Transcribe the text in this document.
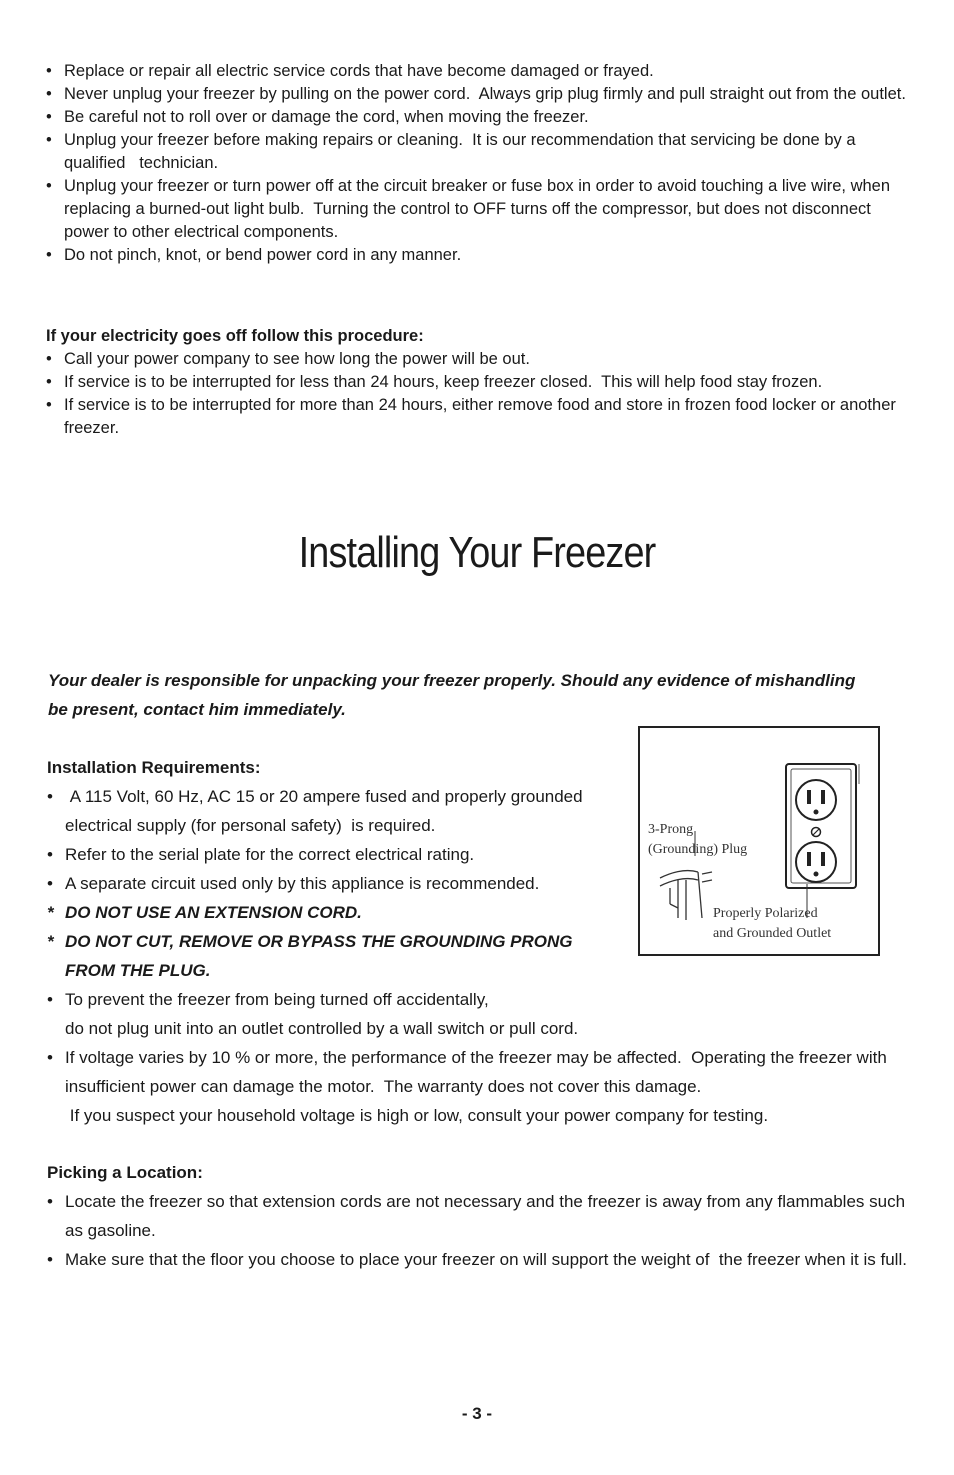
• Replace or repair all electric service cords that have become damaged or frayed.
• Never unplug your freezer by pulling on the power cord.  Always grip plug firmly and pull straight out from the outlet.
• Be careful not to roll over or damage the cord, when moving the freezer.
• Unplug your freezer before making repairs or cleaning.  It is our recommendation that servicing be done by a qualified   technician.
• Unplug your freezer or turn power off at the circuit breaker or fuse box in order to avoid touching a live wire, when  replacing a burned-out light bulb.  Turning the control to OFF turns off the compressor, but does not disconnect power to other electrical components.
• Do not pinch, knot, or bend power cord in any manner.
If your electricity goes off follow this procedure:
• Call your power company to see how long the power will be out.
• If service is to be interrupted for less than 24 hours, keep freezer closed.  This will help food stay frozen.
• If service is to be interrupted for more than 24 hours, either remove food and store in frozen food locker or another freezer.
Installing Your Freezer
Your dealer is responsible for unpacking your freezer properly. Should any evidence of mishandling be present, contact him immediately.
Installation Requirements:
• A 115 Volt, 60 Hz, AC 15 or 20 ampere fused and properly grounded electrical supply (for personal safety)  is required.
• Refer to the serial plate for the correct electrical rating.
• A separate circuit used only by this appliance is recommended.
* DO NOT USE AN EXTENSION CORD.
* DO NOT CUT, REMOVE OR BYPASS THE GROUNDING PRONG FROM THE PLUG.
• To prevent the freezer from being turned off accidentally,
do not plug unit into an outlet controlled by a wall switch or pull cord.
• If voltage varies by 10 % or more, the performance of the freezer may be affected.  Operating the freezer with insufficient power can damage the motor.  The warranty does not cover this damage.
If you suspect your household voltage is high or low, consult your power company for testing.
3-Prong
(Grounding) Plug
Properly Polarized
and Grounded Outlet
Picking a Location:
• Locate the freezer so that extension cords are not necessary and the freezer is away from any flammables such as gasoline.
• Make sure that the floor you choose to place your freezer on will support the weight of  the freezer when it is full.
- 3 -
